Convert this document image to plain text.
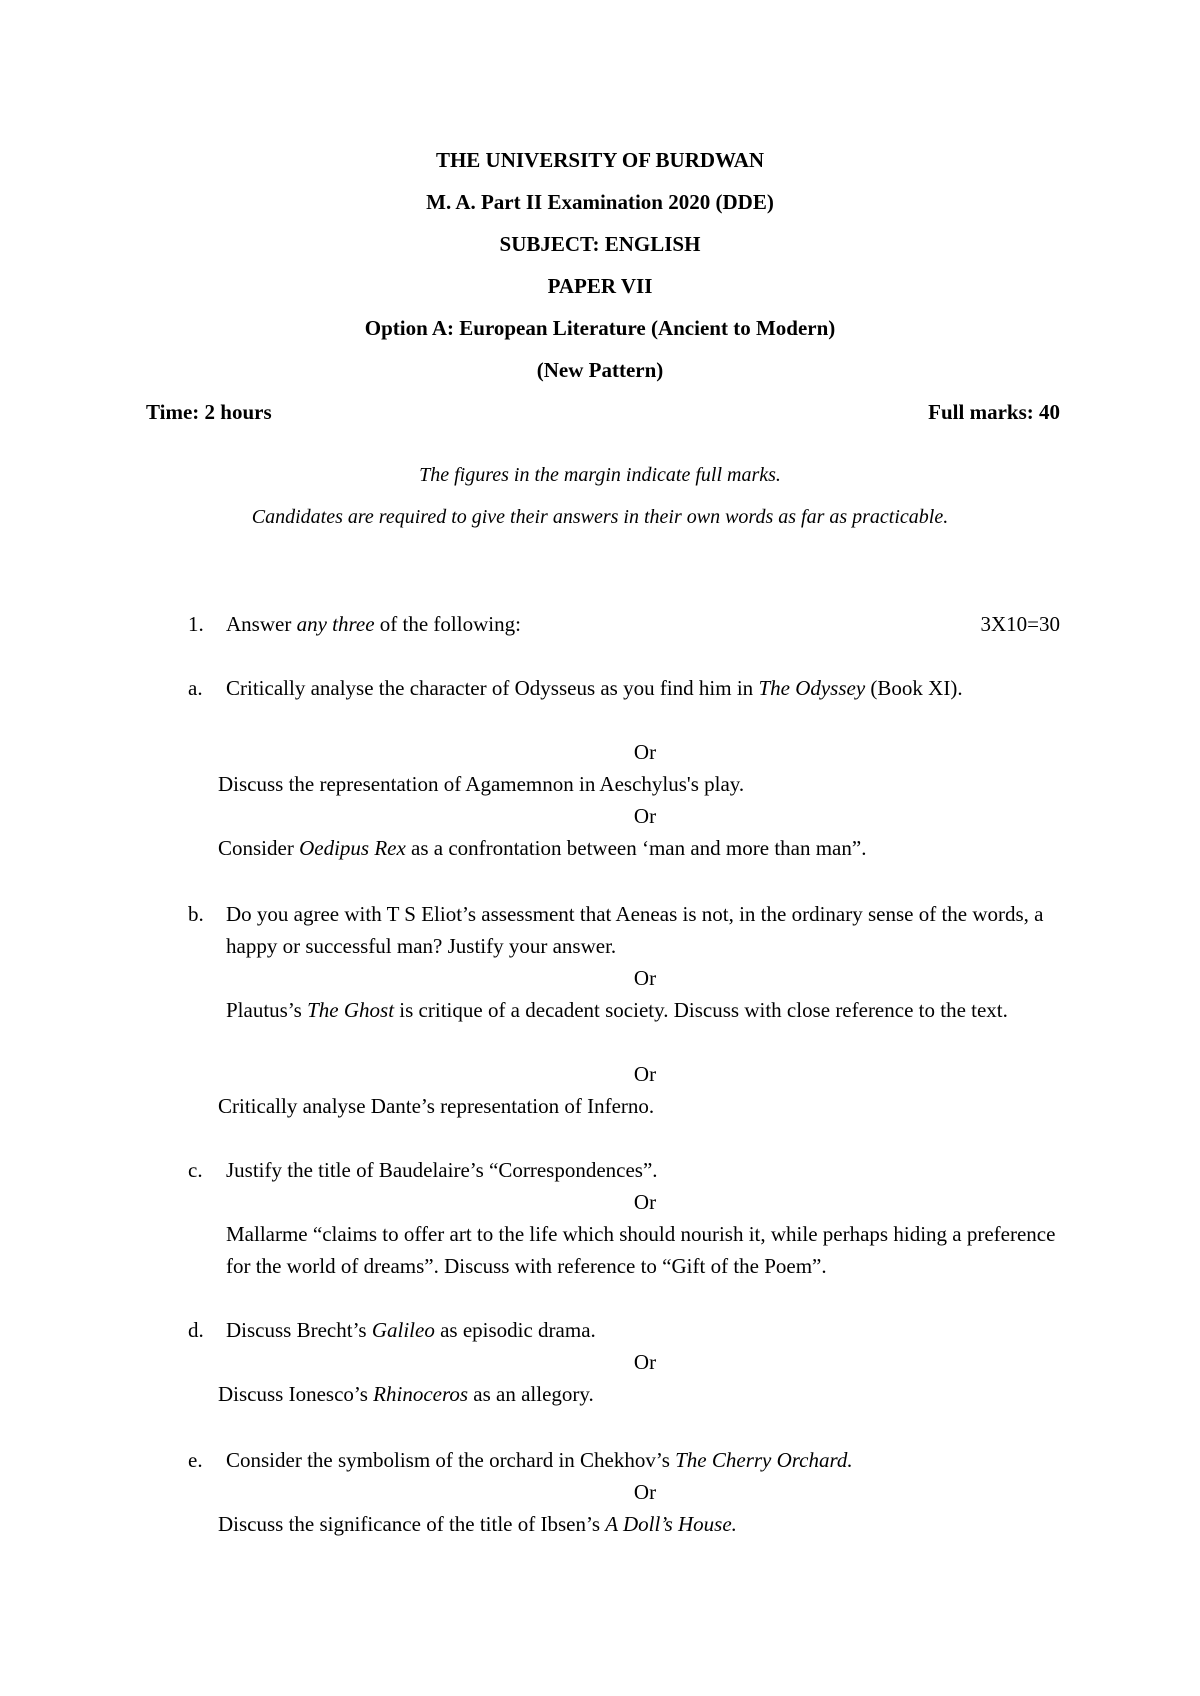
THE UNIVERSITY OF BURDWAN
M. A. Part II Examination 2020 (DDE)
SUBJECT: ENGLISH
PAPER VII
Option A: European Literature (Ancient to Modern)
(New Pattern)
Time: 2 hours	Full marks: 40
The figures in the margin indicate full marks.
Candidates are required to give their answers in their own words as far as practicable.
1. Answer any three of the following:	3X10=30
a. Critically analyse the character of Odysseus as you find him in The Odyssey (Book XI).
Or
Discuss the representation of Agamemnon in Aeschylus's play.
Or
Consider Oedipus Rex as a confrontation between ‘man and more than man”.
b. Do you agree with T S Eliot’s assessment that Aeneas is not, in the ordinary sense of the words, a happy or successful man? Justify your answer.
Or
Plautus’s The Ghost is critique of a decadent society. Discuss with close reference to the text.
Or
Critically analyse Dante’s representation of Inferno.
c. Justify the title of Baudelaire’s “Correspondences”.
Or
Mallarme “claims to offer art to the life which should nourish it, while perhaps hiding a preference for the world of dreams”. Discuss with reference to “Gift of the Poem”.
d. Discuss Brecht’s Galileo as episodic drama.
Or
Discuss Ionesco’s Rhinoceros as an allegory.
e. Consider the symbolism of the orchard in Chekhov’s The Cherry Orchard.
Or
Discuss the significance of the title of Ibsen’s A Doll’s House.
